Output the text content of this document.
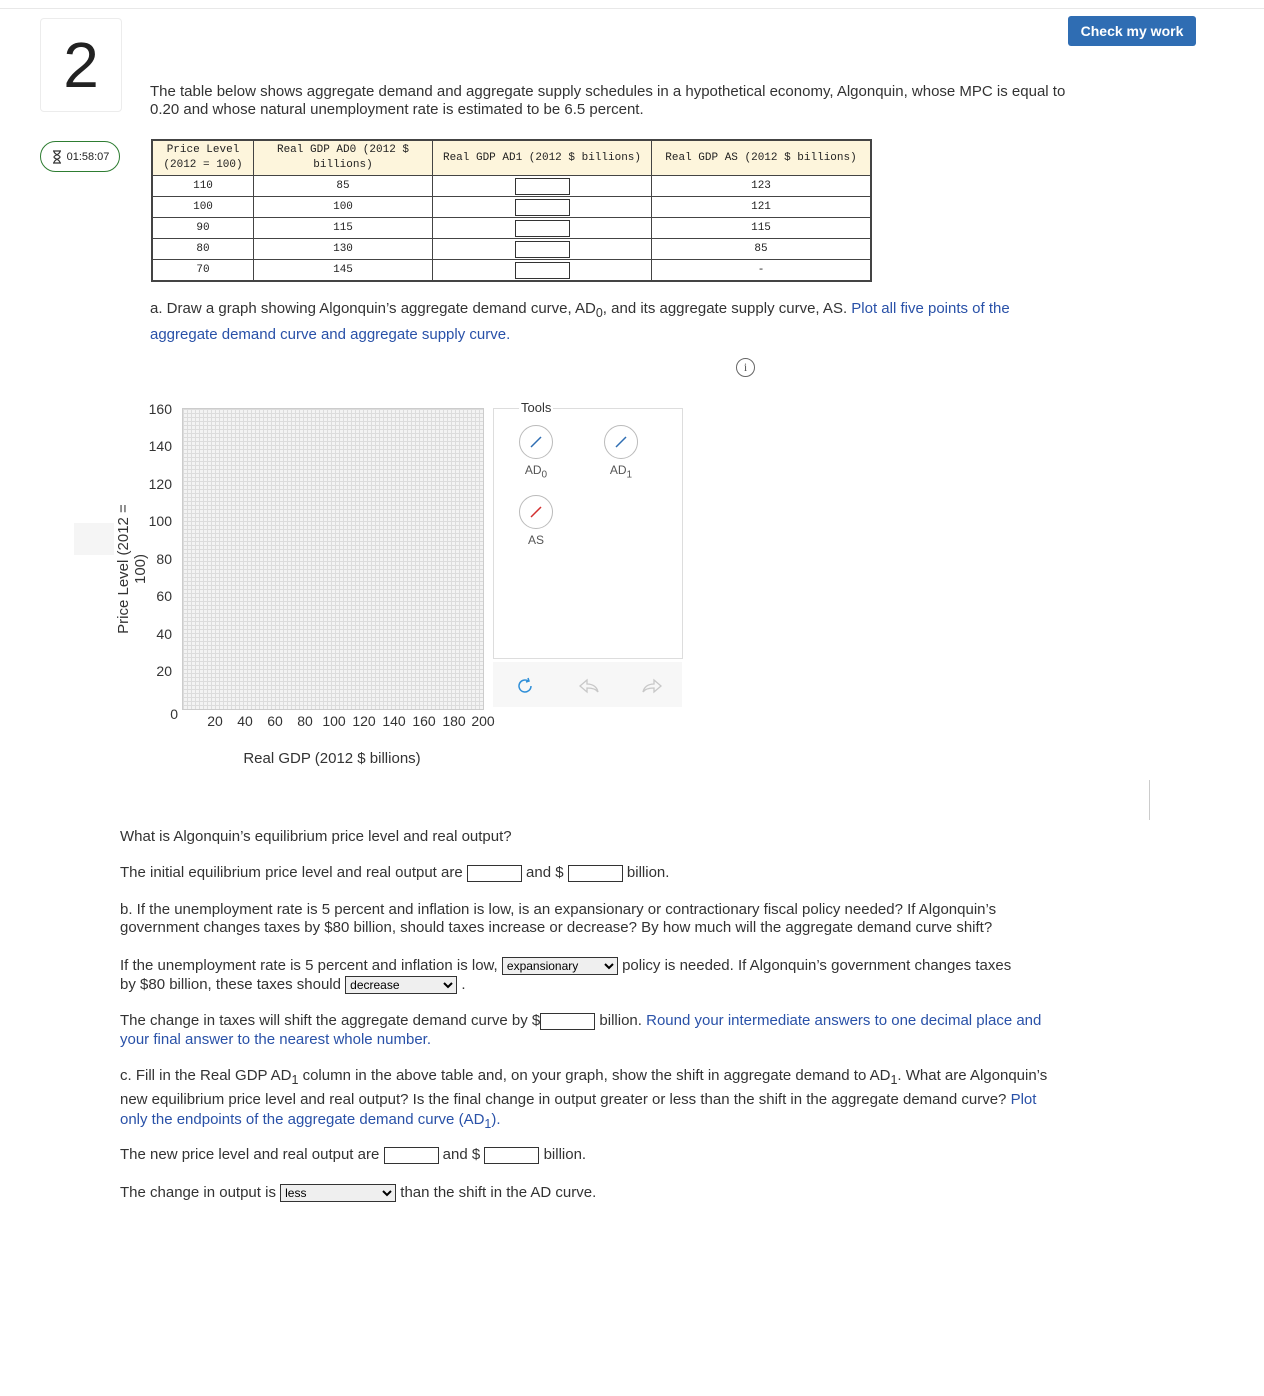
2
01:58:07
Check my work
The table below shows aggregate demand and aggregate supply schedules in a hypothetical economy, Algonquin, whose MPC is equal to 0.20 and whose natural unemployment rate is estimated to be 6.5 percent.
Price Level (2012 = 100)	Real GDP AD0 (2012 $ billions)	Real GDP AD1 (2012 $ billions)	Real GDP AS (2012 $ billions)
110	85		123
100	100		121
90	115		115
80	130		85
70	145		-
a. Draw a graph showing Algonquin’s aggregate demand curve, $AD_0$, and its aggregate supply curve, AS. Plot all five points of the aggregate demand curve and aggregate supply curve.
i
160
140
120
100
80
60
40
20
0	20	40	60	80 100 120 140 160 180 200
Price Level (2012 = 100)
Real GDP (2012 $ billions)
Tools
$AD_0$	$AD_1$
AS
What is Algonquin’s equilibrium price level and real output?
The initial equilibrium price level and real output are	and $	billion.
b. If the unemployment rate is 5 percent and inflation is low, is an expansionary or contractionary fiscal policy needed? If Algonquin’s government changes taxes by $80 billion, should taxes increase or decrease? By how much will the aggregate demand curve shift?
If the unemployment rate is 5 percent and inflation is low,
expansionary	policy is needed. If Algonquin’s government changes taxes
by $80 billion, these taxes should
decrease	.
The change in taxes will shift the aggregate demand curve by $	billion. Round your intermediate answers to one decimal place and your final answer to the nearest whole number.
c. Fill in the Real GDP $AD_1$ column in the above table and, on your graph, show the shift in aggregate demand to $AD_1$. What are Algonquin’s new equilibrium price level and real output? Is the final change in output greater or less than the shift in the aggregate demand curve? Plot only the endpoints of the aggregate demand curve $(AD_1)$.
The new price level and real output are	and $	billion.
The change in output is
less	than the shift in the AD curve.
